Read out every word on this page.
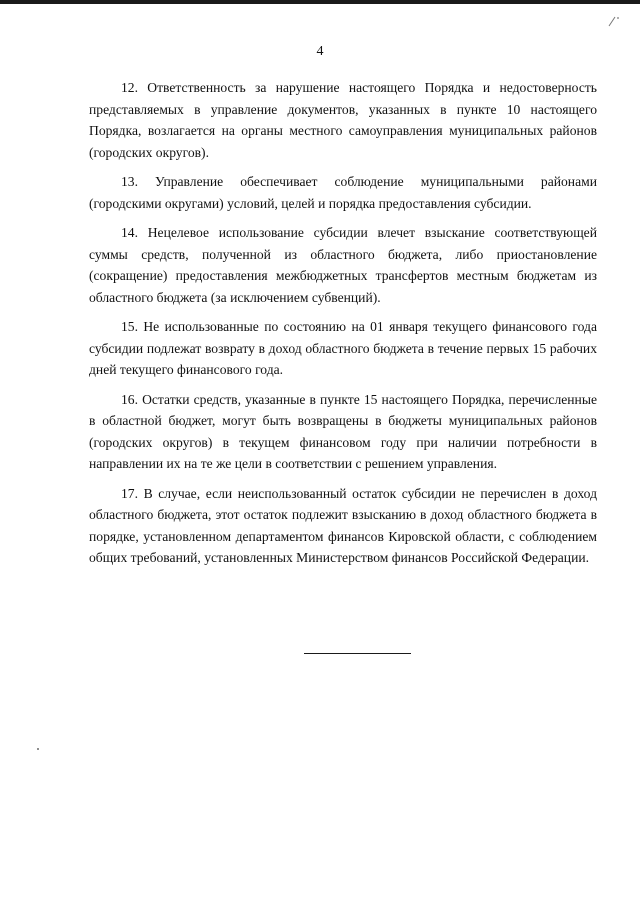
4

12. Ответственность за нарушение настоящего Порядка и недостоверность представляемых в управление документов, указанных в пункте 10 настоящего Порядка, возлагается на органы местного самоуправления муниципальных районов (городских округов).

13. Управление обеспечивает соблюдение муниципальными районами (городскими округами) условий, целей и порядка предоставления субсидии.

14. Нецелевое использование субсидии влечет взыскание соответствующей суммы средств, полученной из областного бюджета, либо приостановление (сокращение) предоставления межбюджетных трансфертов местным бюджетам из областного бюджета (за исключением субвенций).

15. Не использованные по состоянию на 01 января текущего финансового года субсидии подлежат возврату в доход областного бюджета в течение первых 15 рабочих дней текущего финансового года.

16. Остатки средств, указанные в пункте 15 настоящего Порядка, перечисленные в областной бюджет, могут быть возвращены в бюджеты муниципальных районов (городских округов) в текущем финансовом году при наличии потребности в направлении их на те же цели в соответствии с решением управления.

17. В случае, если неиспользованный остаток субсидии не перечислен в доход областного бюджета, этот остаток подлежит взысканию в доход областного бюджета в порядке, установленном департаментом финансов Кировской области, с соблюдением общих требований, установленных Министерством финансов Российской Федерации.
